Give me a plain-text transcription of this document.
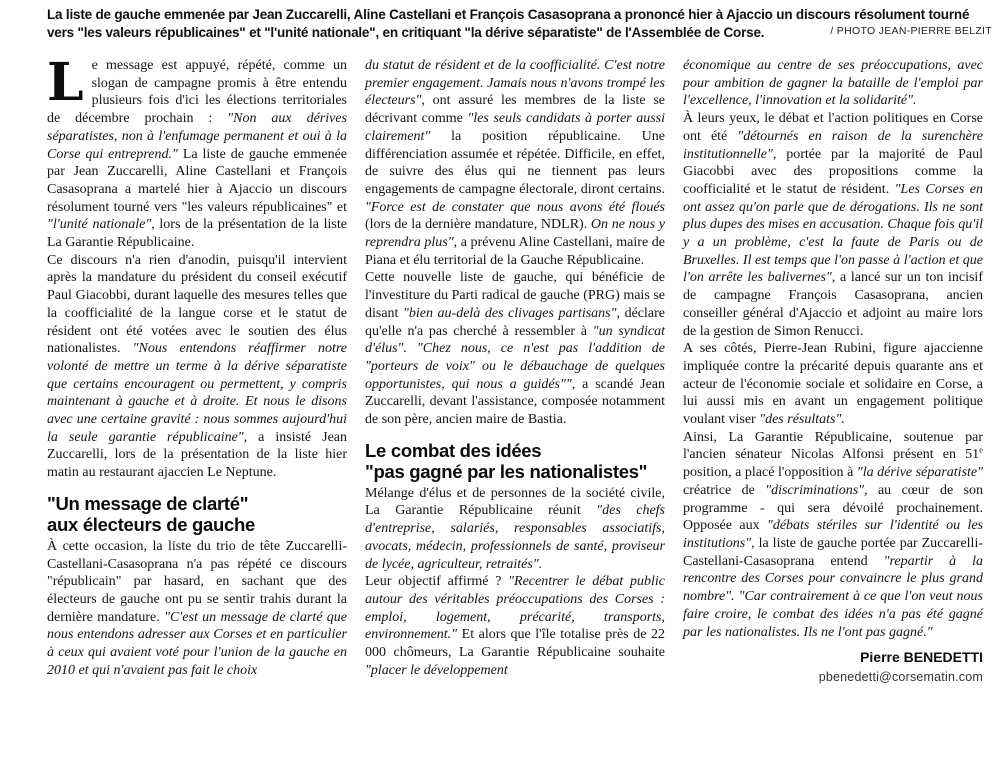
La liste de gauche emmenée par Jean Zuccarelli, Aline Castellani et François Casasoprana a prononcé hier à Ajaccio un discours résolument tourné vers "les valeurs républicaines" et "l'unité nationale", en critiquant "la dérive séparatiste" de l'Assemblée de Corse.	/ PHOTO JEAN-PIERRE BELZIT

Le message est appuyé, répété, comme un slogan de campagne promis à être entendu plusieurs fois d'ici les élections territoriales de décembre prochain : "Non aux dérives séparatistes, non à l'enfumage permanent et oui à la Corse qui entreprend." La liste de gauche emmenée par Jean Zuccarelli, Aline Castellani et François Casasoprana a martelé hier à Ajaccio un discours résolument tourné vers "les valeurs républicaines" et "l'unité nationale", lors de la présentation de la liste La Garantie Républicaine.

Ce discours n'a rien d'anodin, puisqu'il intervient après la mandature du président du conseil exécutif Paul Giacobbi, durant laquelle des mesures telles que la coofficialité de la langue corse et le statut de résident ont été votées avec le soutien des élus nationalistes. "Nous entendons réaffirmer notre volonté de mettre un terme à la dérive séparatiste que certains encouragent ou permettent, y compris maintenant à gauche et à droite. Et nous le disons avec une certaine gravité : nous sommes aujourd'hui la seule garantie républicaine", a insisté Jean Zuccarelli, lors de la présentation de la liste hier matin au restaurant ajaccien Le Neptune.

"Un message de clarté"
aux électeurs de gauche

À cette occasion, la liste du trio de tête Zuccarelli-Castellani-Casasoprana n'a pas répété ce discours "républicain" par hasard, en sachant que des électeurs de gauche ont pu se sentir trahis durant la dernière mandature. "C'est un message de clarté que nous entendons adresser aux Corses et en particulier à ceux qui avaient voté pour l'union de la gauche en 2010 et qui n'avaient pas fait le choix

du statut de résident et de la coofficialité. C'est notre premier engagement. Jamais nous n'avons trompé les électeurs", ont assuré les membres de la liste se décrivant comme "les seuls candidats à porter aussi clairement" la position républicaine. Une différenciation assumée et répétée. Difficile, en effet, de suivre des élus qui ne tiennent pas leurs engagements de campagne électorale, diront certains. "Force est de constater que nous avons été floués (lors de la dernière mandature, NDLR). On ne nous y reprendra plus", a prévenu Aline Castellani, maire de Piana et élu territorial de la Gauche Républicaine.

Cette nouvelle liste de gauche, qui bénéficie de l'investiture du Parti radical de gauche (PRG) mais se disant "bien au-delà des clivages partisans", déclare qu'elle n'a pas cherché à ressembler à "un syndicat d'élus". "Chez nous, ce n'est pas l'addition de "porteurs de voix" ou le débauchage de quelques opportunistes, qui nous a guidés"", a scandé Jean Zuccarelli, devant l'assistance, composée notamment de son père, ancien maire de Bastia.

Le combat des idées
"pas gagné par les nationalistes"

Mélange d'élus et de personnes de la société civile, La Garantie Républicaine réunit "des chefs d'entreprise, salariés, responsables associatifs, avocats, médecin, professionnels de santé, proviseur de lycée, agriculteur, retraités".

Leur objectif affirmé ? "Recentrer le débat public autour des véritables préoccupations des Corses : emploi, logement, précarité, transports, environnement." Et alors que l'île totalise près de 22 000 chômeurs, La Garantie Républicaine souhaite "placer le développement

économique au centre de ses préoccupations, avec pour ambition de gagner la bataille de l'emploi par l'excellence, l'innovation et la solidarité".

À leurs yeux, le débat et l'action politiques en Corse ont été "détournés en raison de la surenchère institutionnelle", portée par la majorité de Paul Giacobbi avec des propositions comme la coofficialité et le statut de résident. "Les Corses en ont assez qu'on parle que de dérogations. Ils ne sont plus dupes des mises en accusation. Chaque fois qu'il y a un problème, c'est la faute de Paris ou de Bruxelles. Il est temps que l'on passe à l'action et que l'on arrête les balivernes", a lancé sur un ton incisif de campagne François Casasoprana, ancien conseiller général d'Ajaccio et adjoint au maire lors de la gestion de Simon Renucci.

A ses côtés, Pierre-Jean Rubini, figure ajaccienne impliquée contre la précarité depuis quarante ans et acteur de l'économie sociale et solidaire en Corse, a lui aussi mis en avant un engagement politique voulant viser "des résultats".

Ainsi, La Garantie Républicaine, soutenue par l'ancien sénateur Nicolas Alfonsi présent en 51e position, a placé l'opposition à "la dérive séparatiste" créatrice de "discriminations", au cœur de son programme - qui sera dévoilé prochainement. Opposée aux "débats stériles sur l'identité ou les institutions", la liste de gauche portée par Zuccarelli-Castellani-Casasoprana entend "repartir à la rencontre des Corses pour convaincre le plus grand nombre". "Car contrairement à ce que l'on veut nous faire croire, le combat des idées n'a pas été gagné par les nationalistes. Ils ne l'ont pas gagné."

Pierre BENEDETTI
pbenedetti@corsematin.com
